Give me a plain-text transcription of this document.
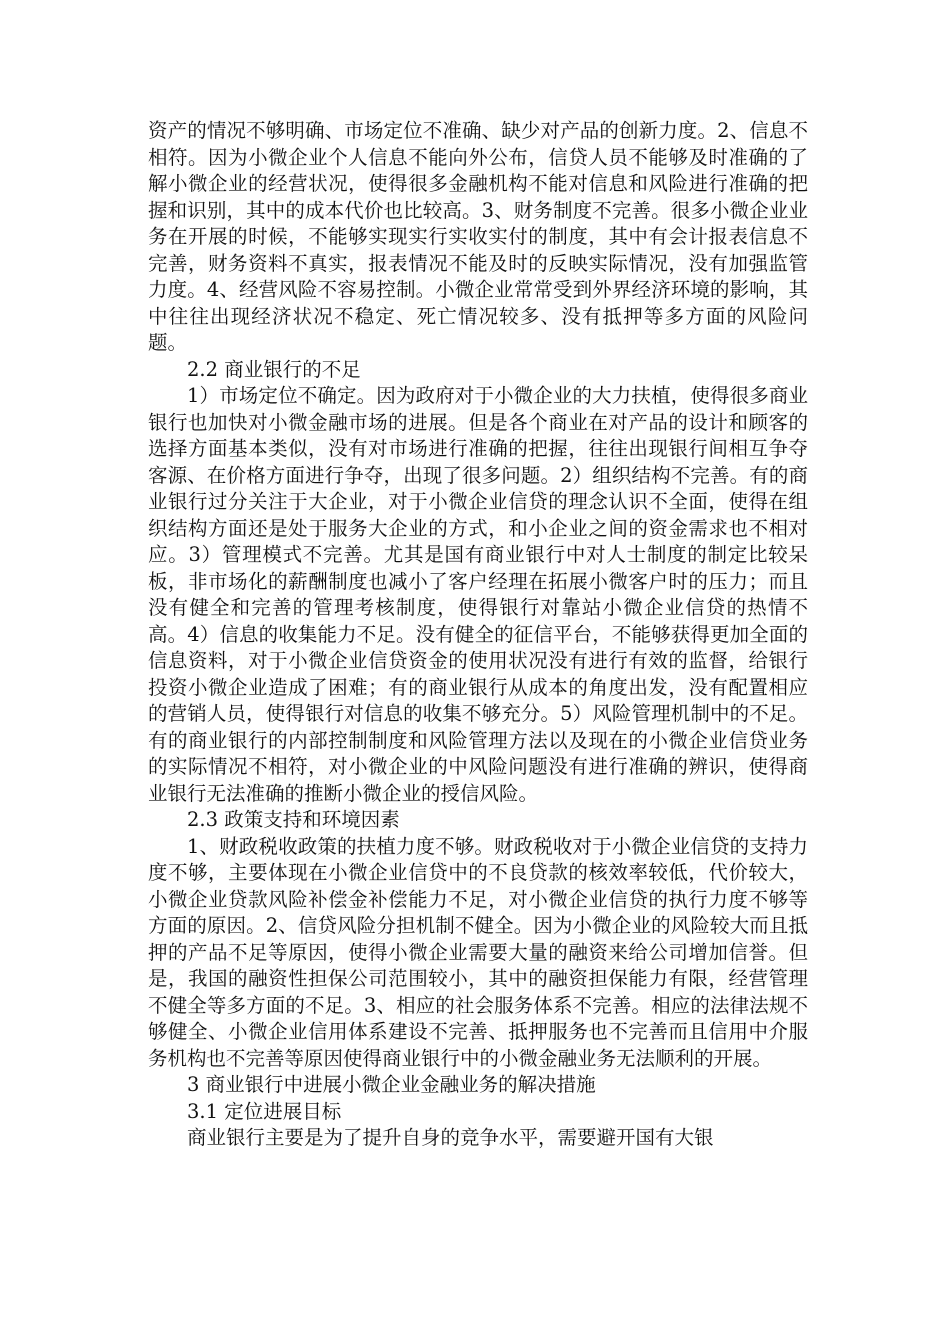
资产的情况不够明确、市场定位不准确、缺少对产品的创新力度。2、信息不相符。因为小微企业个人信息不能向外公布，信贷人员不能够及时准确的了解小微企业的经营状况，使得很多金融机构不能对信息和风险进行准确的把握和识别，其中的成本代价也比较高。3、财务制度不完善。很多小微企业业务在开展的时候，不能够实现实行实收实付的制度，其中有会计报表信息不完善，财务资料不真实，报表情况不能及时的反映实际情况，没有加强监管力度。4、经营风险不容易控制。小微企业常常受到外界经济环境的影响，其中往往出现经济状况不稳定、死亡情况较多、没有抵押等多方面的风险问题。

2.2 商业银行的不足

1）市场定位不确定。因为政府对于小微企业的大力扶植，使得很多商业银行也加快对小微金融市场的进展。但是各个商业在对产品的设计和顾客的选择方面基本类似，没有对市场进行准确的把握，往往出现银行间相互争夺客源、在价格方面进行争夺，出现了很多问题。2）组织结构不完善。有的商业银行过分关注于大企业，对于小微企业信贷的理念认识不全面，使得在组织结构方面还是处于服务大企业的方式，和小企业之间的资金需求也不相对应。3）管理模式不完善。尤其是国有商业银行中对人士制度的制定比较呆板，非市场化的薪酬制度也减小了客户经理在拓展小微客户时的压力；而且没有健全和完善的管理考核制度，使得银行对靠站小微企业信贷的热情不高。4）信息的收集能力不足。没有健全的征信平台，不能够获得更加全面的信息资料，对于小微企业信贷资金的使用状况没有进行有效的监督，给银行投资小微企业造成了困难；有的商业银行从成本的角度出发，没有配置相应的营销人员，使得银行对信息的收集不够充分。5）风险管理机制中的不足。有的商业银行的内部控制制度和风险管理方法以及现在的小微企业信贷业务的实际情况不相符，对小微企业的中风险问题没有进行准确的辨识，使得商业银行无法准确的推断小微企业的授信风险。

2.3 政策支持和环境因素

1、财政税收政策的扶植力度不够。财政税收对于小微企业信贷的支持力度不够，主要体现在小微企业信贷中的不良贷款的核效率较低，代价较大，小微企业贷款风险补偿金补偿能力不足，对小微企业信贷的执行力度不够等方面的原因。2、信贷风险分担机制不健全。因为小微企业的风险较大而且抵押的产品不足等原因，使得小微企业需要大量的融资来给公司增加信誉。但是，我国的融资性担保公司范围较小，其中的融资担保能力有限，经营管理不健全等多方面的不足。3、相应的社会服务体系不完善。相应的法律法规不够健全、小微企业信用体系建设不完善、抵押服务也不完善而且信用中介服务机构也不完善等原因使得商业银行中的小微金融业务无法顺利的开展。

3 商业银行中进展小微企业金融业务的解决措施

3.1 定位进展目标

商业银行主要是为了提升自身的竞争水平，需要避开国有大银
